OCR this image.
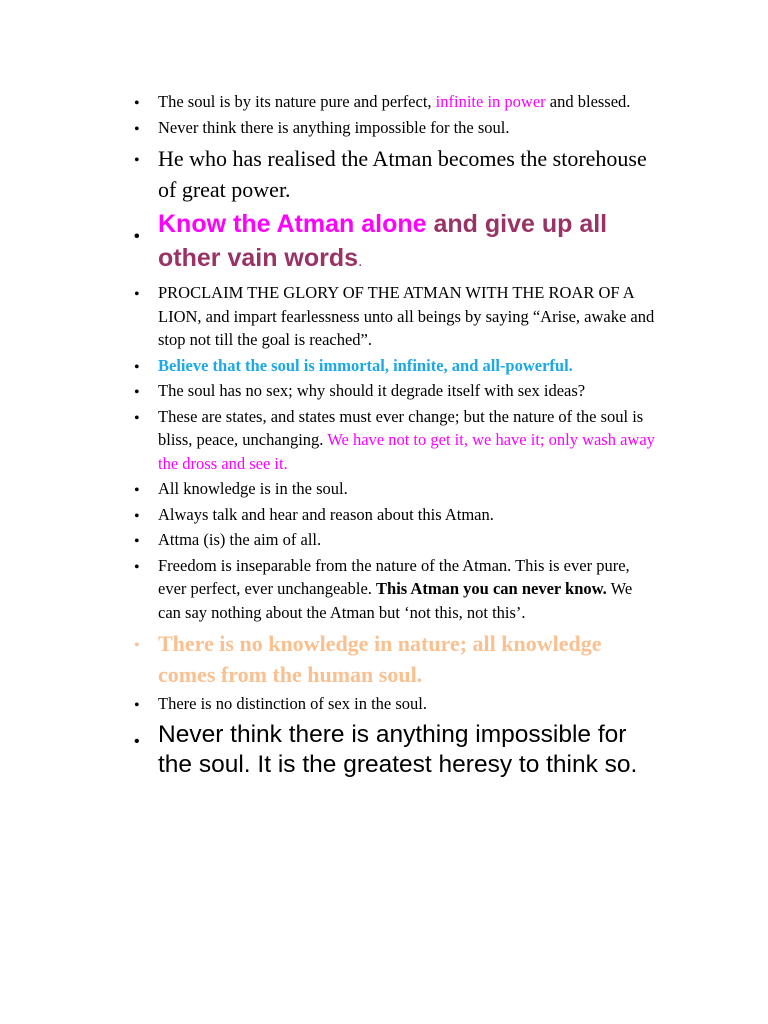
• The soul is by its nature pure and perfect, infinite in power and blessed.
• Never think there is anything impossible for the soul.
• He who has realised the Atman becomes the storehouse of great power.
• Know the Atman alone and give up all other vain words.
• PROCLAIM THE GLORY OF THE ATMAN WITH THE ROAR OF A LION, and impart fearlessness unto all beings by saying “Arise, awake and stop not till the goal is reached”.
• Believe that the soul is immortal, infinite, and all-powerful.
• The soul has no sex; why should it degrade itself with sex ideas?
• These are states, and states must ever change; but the nature of the soul is bliss, peace, unchanging. We have not to get it, we have it; only wash away the dross and see it.
• All knowledge is in the soul.
• Always talk and hear and reason about this Atman.
• Attma (is) the aim of all.
• Freedom is inseparable from the nature of the Atman. This is ever pure, ever perfect, ever unchangeable. This Atman you can never know. We can say nothing about the Atman but ‘not this, not this’.
• There is no knowledge in nature; all knowledge comes from the human soul.
• There is no distinction of sex in the soul.
• Never think there is anything impossible for the soul. It is the greatest heresy to think so.
